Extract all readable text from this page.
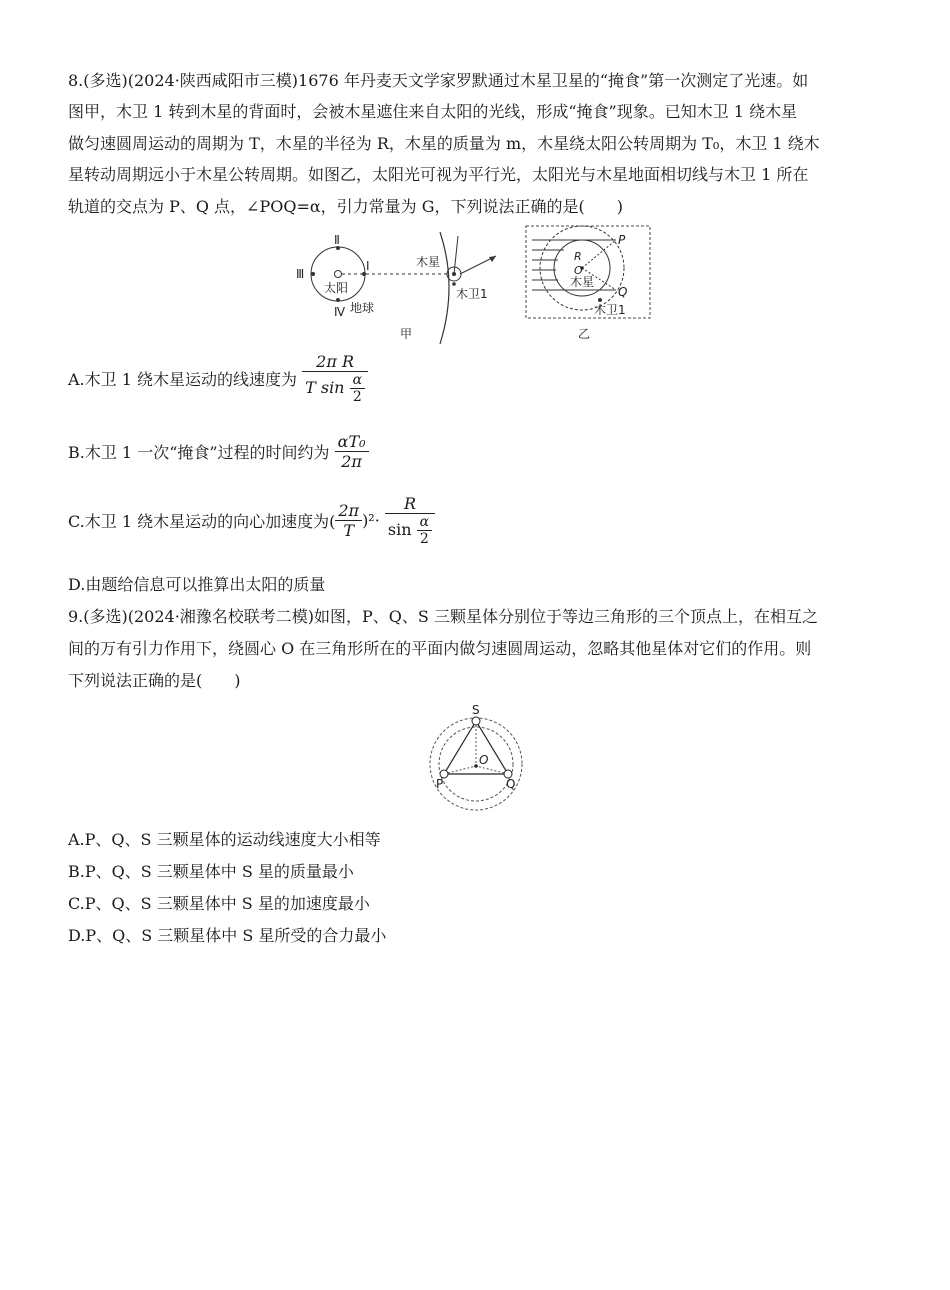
8.(多选)(2024·陕西咸阳市三模)1676 年丹麦天文学家罗默通过木星卫星的“掩食”第一次测定了光速。如
图甲，木卫 1 转到木星的背面时，会被木星遮住来自太阳的光线，形成“掩食”现象。已知木卫 1 绕木星
做匀速圆周运动的周期为 T，木星的半径为 R，木星的质量为 m，木星绕太阳公转周期为 T₀，木卫 1 绕木
星转动周期远小于木星公转周期。如图乙，太阳光可视为平行光，太阳光与木星地面相切线与木卫 1 所在
轨道的交点为 P、Q 点，∠POQ=α，引力常量为 G，下列说法正确的是(　　)
Ⅱ
Ⅲ
Ⅰ
Ⅳ
太阳
地球
木星
木卫1
甲
P
Q
R
O
木星
木卫1
乙
A.木卫 1 绕木星运动的线速度为 $\frac{\text{2π R}}{T \sin \frac{\alpha}{2}}$
B.木卫 1 一次“掩食”过程的时间约为 $\frac{\text{αT₀}}{2\pi}$
C.木卫 1 绕木星运动的向心加速度为( $\frac{2\pi}{T} )^2\cdot \frac{R}{\sin \frac{\alpha}{2}}$
D.由题给信息可以推算出太阳的质量
9.(多选)(2024·湘豫名校联考二模)如图，P、Q、S 三颗星体分别位于等边三角形的三个顶点上，在相互之
间的万有引力作用下，绕圆心 O 在三角形所在的平面内做匀速圆周运动，忽略其他星体对它们的作用。则
下列说法正确的是(　　)
S
P	Q
O
A.P、Q、S 三颗星体的运动线速度大小相等
B.P、Q、S 三颗星体中 S 星的质量最小
C.P、Q、S 三颗星体中 S 星的加速度最小
D.P、Q、S 三颗星体中 S 星所受的合力最小
